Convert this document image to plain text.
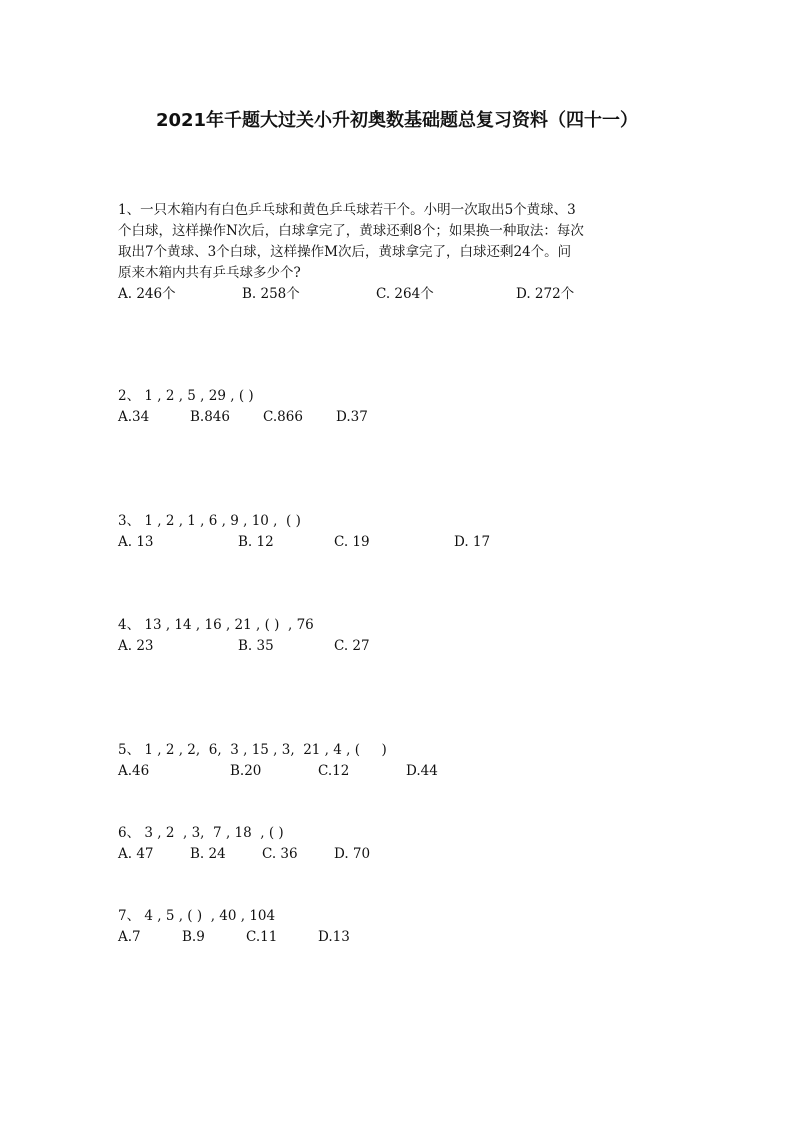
2021年千题大过关小升初奥数基础题总复习资料（四十一）

1、一只木箱内有白色乒乓球和黄色乒乓球若干个。小明一次取出5个黄球、3

个白球，这样操作N次后，白球拿完了，黄球还剩8个；如果换一种取法：每次

取出7个黄球、3个白球，这样操作M次后，黄球拿完了，白球还剩24个。问

原来木箱内共有乒乓球多少个?

A. 246个	B. 258个	C. 264个	D. 272个

2、 1 , 2 , 5 , 29 , ( )

A.34	B.846 C.866 D.37

3、 1 , 2 , 1 , 6 , 9 , 10 ,  ( )

A. 13	B. 12	C. 19	D. 17

4、 13 , 14 , 16 , 21 , ( )  , 76

A. 23	B. 35	C. 27

5、 1 , 2 , 2,  6,  3 , 15 , 3,  21 , 4 , (     )

A.46	B.20	C.12	D.44

6、 3 , 2  , 3,  7 , 18  , ( )

A. 47	B. 24	C. 36	D. 70

7、 4 , 5 , ( )  , 40 , 104

A.7	B.9	C.11	D.13
